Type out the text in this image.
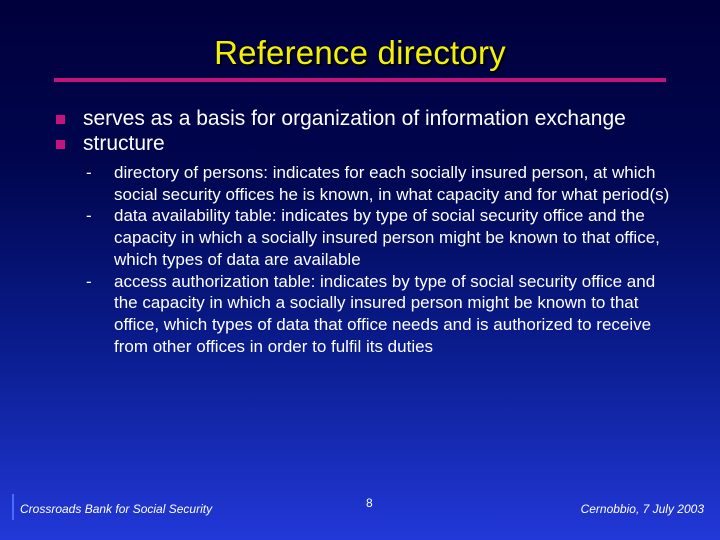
Reference directory
serves as a basis for organization of information exchange
structure
-	directory of persons: indicates for each socially insured person, at which social security offices he is known, in what capacity and for what period(s)
-	data availability table: indicates by type of social security office and the capacity in which a socially insured person might be known to that office, which types of data are available
-	access authorization table: indicates by type of social security office and the capacity in which a socially insured person might be known to that office, which types of data that office needs and is authorized to receive from other offices in order to fulfil its duties
Crossroads Bank for Social Security	8	Cernobbio, 7 July 2003
